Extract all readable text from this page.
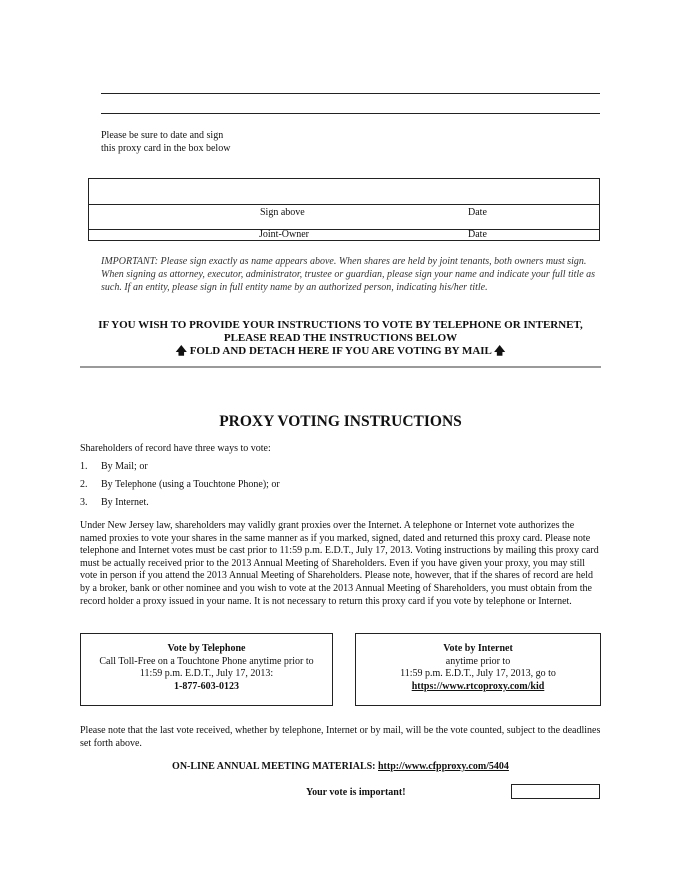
Please be sure to date and sign
this proxy card in the box below
Sign above	Date
Joint-Owner	Date
IMPORTANT: Please sign exactly as name appears above. When shares are held by joint tenants, both owners must sign. When signing as attorney, executor, administrator, trustee or guardian, please sign your name and indicate your full title as such. If an entity, please sign in full entity name by an authorized person, indicating his/her title.
IF YOU WISH TO PROVIDE YOUR INSTRUCTIONS TO VOTE BY TELEPHONE OR INTERNET,
PLEASE READ THE INSTRUCTIONS BELOW
🡅 FOLD AND DETACH HERE IF YOU ARE VOTING BY MAIL 🡅
PROXY VOTING INSTRUCTIONS
Shareholders of record have three ways to vote:
1. By Mail; or
2. By Telephone (using a Touchtone Phone); or
3. By Internet.
Under New Jersey law, shareholders may validly grant proxies over the Internet. A telephone or Internet vote authorizes the named proxies to vote your shares in the same manner as if you marked, signed, dated and returned this proxy card. Please note telephone and Internet votes must be cast prior to 11:59 p.m. E.D.T., July 17, 2013. Voting instructions by mailing this proxy card must be actually received prior to the 2013 Annual Meeting of Shareholders. Even if you have given your proxy, you may still vote in person if you attend the 2013 Annual Meeting of Shareholders. Please note, however, that if the shares of record are held by a broker, bank or other nominee and you wish to vote at the 2013 Annual Meeting of Shareholders, you must obtain from the record holder a proxy issued in your name. It is not necessary to return this proxy card if you vote by telephone or Internet.
Vote by Telephone
Call Toll-Free on a Touchtone Phone anytime prior to
11:59 p.m. E.D.T., July 17, 2013:
1-877-603-0123
Vote by Internet
anytime prior to
11:59 p.m. E.D.T., July 17, 2013, go to
https://www.rtcoproxy.com/kid
Please note that the last vote received, whether by telephone, Internet or by mail, will be the vote counted, subject to the deadlines set forth above.
ON-LINE ANNUAL MEETING MATERIALS: http://www.cfpproxy.com/5404
Your vote is important!
